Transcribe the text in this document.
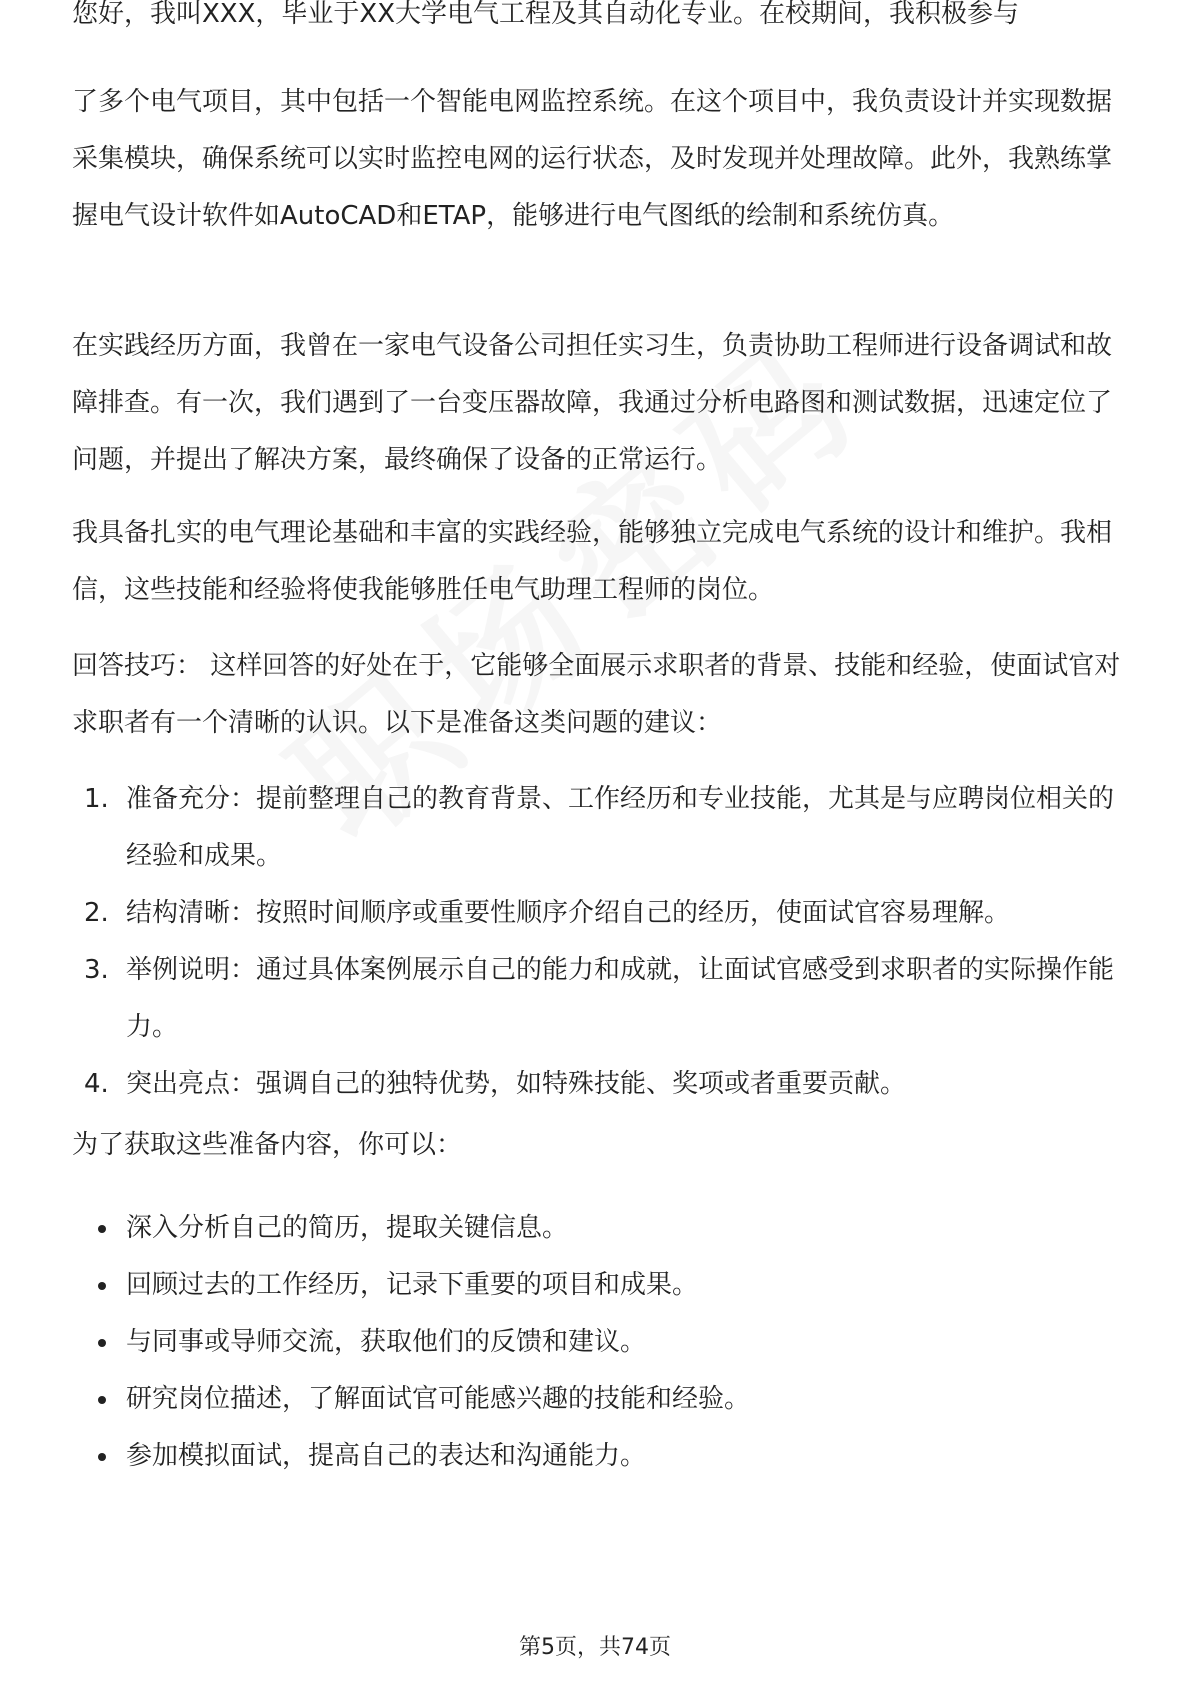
您好，我叫XXX，毕业于XX大学电气工程及其自动化专业。在校期间，我积极参与

了多个电气项目，其中包括一个智能电网监控系统。在这个项目中，我负责设计并实现数据采集模块，确保系统可以实时监控电网的运行状态，及时发现并处理故障。此外，我熟练掌握电气设计软件如AutoCAD和ETAP，能够进行电气图纸的绘制和系统仿真。

在实践经历方面，我曾在一家电气设备公司担任实习生，负责协助工程师进行设备调试和故障排查。有一次，我们遇到了一台变压器故障，我通过分析电路图和测试数据，迅速定位了问题，并提出了解决方案，最终确保了设备的正常运行。

我具备扎实的电气理论基础和丰富的实践经验，能够独立完成电气系统的设计和维护。我相信，这些技能和经验将使我能够胜任电气助理工程师的岗位。

回答技巧： 这样回答的好处在于，它能够全面展示求职者的背景、技能和经验，使面试官对求职者有一个清晰的认识。以下是准备这类问题的建议：

1. 准备充分：提前整理自己的教育背景、工作经历和专业技能，尤其是与应聘岗位相关的经验和成果。
2. 结构清晰：按照时间顺序或重要性顺序介绍自己的经历，使面试官容易理解。
3. 举例说明：通过具体案例展示自己的能力和成就，让面试官感受到求职者的实际操作能力。
4. 突出亮点：强调自己的独特优势，如特殊技能、奖项或者重要贡献。

为了获取这些准备内容，你可以：

深入分析自己的简历，提取关键信息。
回顾过去的工作经历，记录下重要的项目和成果。
与同事或导师交流，获取他们的反馈和建议。
研究岗位描述，了解面试官可能感兴趣的技能和经验。
参加模拟面试，提高自己的表达和沟通能力。
第5页，共74页
